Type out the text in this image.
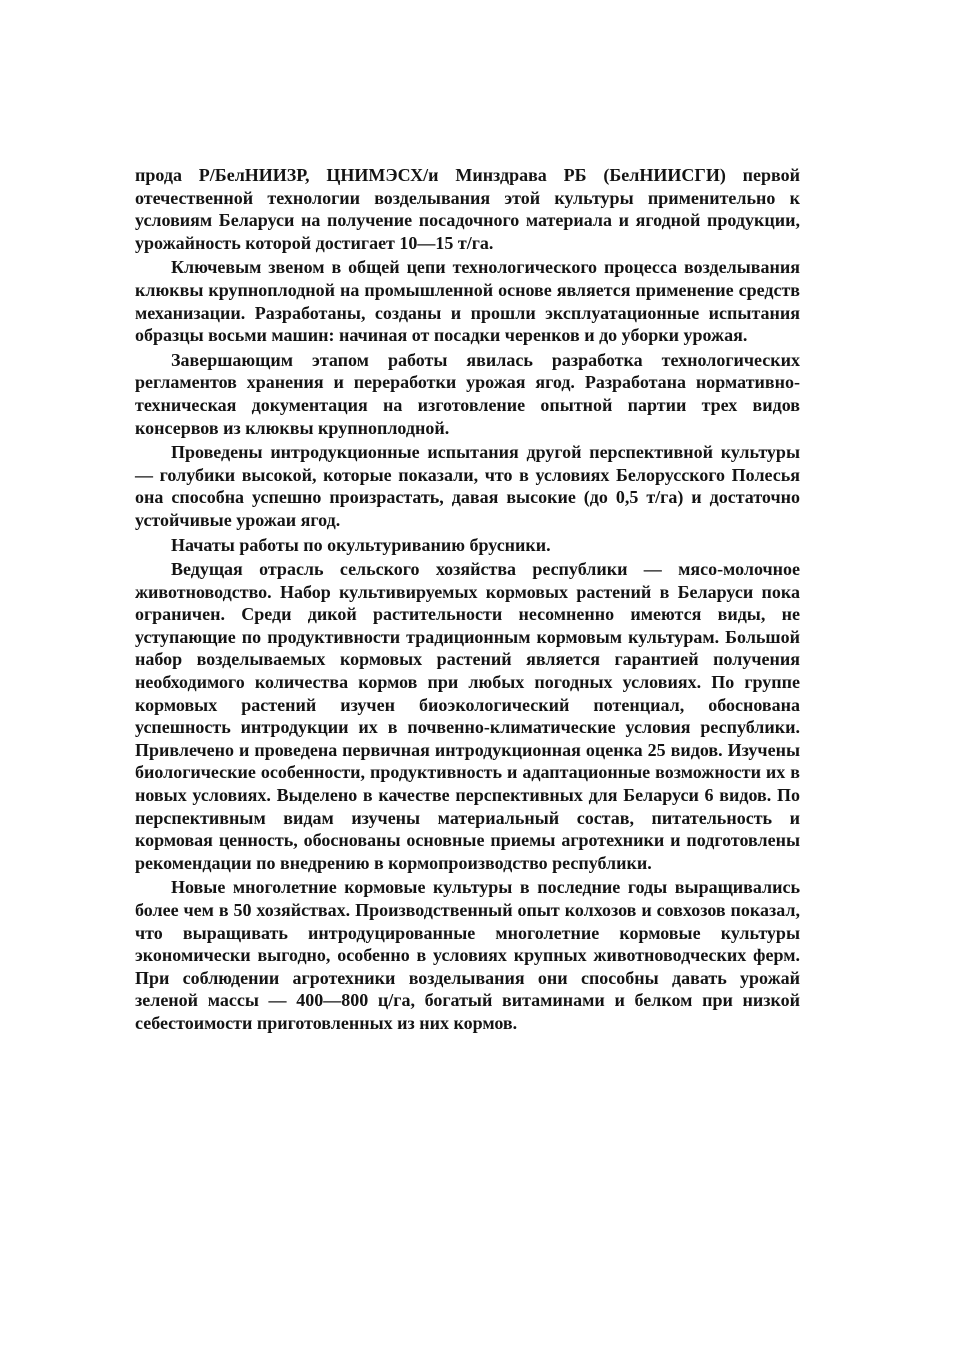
прода Р/БелНИИЗР, ЦНИМЭСХ/и Минздрава РБ (БелНИИСГИ) первой отечественной технологии возделывания этой культуры применительно к условиям Беларуси на получение посадочного материала и ягодной продукции, урожайность которой достигает 10—15 т/га.

Ключевым звеном в общей цепи технологического процесса возделывания клюквы крупноплодной на промышленной основе является применение средств механизации. Разработаны, созданы и прошли эксплуатационные испытания образцы восьми машин: начиная от посадки черенков и до уборки урожая.

Завершающим этапом работы явилась разработка технологических регламентов хранения и переработки урожая ягод. Разработана нормативно-техническая документация на изготовление опытной партии трех видов консервов из клюквы крупноплодной.

Проведены интродукционные испытания другой перспективной культуры — голубики высокой, которые показали, что в условиях Белорусского Полесья она способна успешно произрастать, давая высокие (до 0,5 т/га) и достаточно устойчивые урожаи ягод.

Начаты работы по окультуриванию брусники.

Ведущая отрасль сельского хозяйства республики — мясо-молочное животноводство. Набор культивируемых кормовых растений в Беларуси пока ограничен. Среди дикой растительности несомненно имеются виды, не уступающие по продуктивности традиционным кормовым культурам. Большой набор возделываемых кормовых растений является гарантией получения необходимого количества кормов при любых погодных условиях. По группе кормовых растений изучен биоэкологический потенциал, обоснована успешность интродукции их в почвенно-климатические условия республики. Привлечено и проведена первичная интродукционная оценка 25 видов. Изучены биологические особенности, продуктивность и адаптационные возможности их в новых условиях. Выделено в качестве перспективных для Беларуси 6 видов. По перспективным видам изучены материальный состав, питательность и кормовая ценность, обоснованы основные приемы агротехники и подготовлены рекомендации по внедрению в кормопроизводство республики.

Новые многолетние кормовые культуры в последние годы выращивались более чем в 50 хозяйствах. Производственный опыт колхозов и совхозов показал, что выращивать интродуцированные многолетние кормовые культуры экономически выгодно, особенно в условиях крупных животноводческих ферм. При соблюдении агротехники возделывания они способны давать урожай зеленой массы — 400—800 ц/га, богатый витаминами и белком при низкой себестоимости приготовленных из них кормов.
